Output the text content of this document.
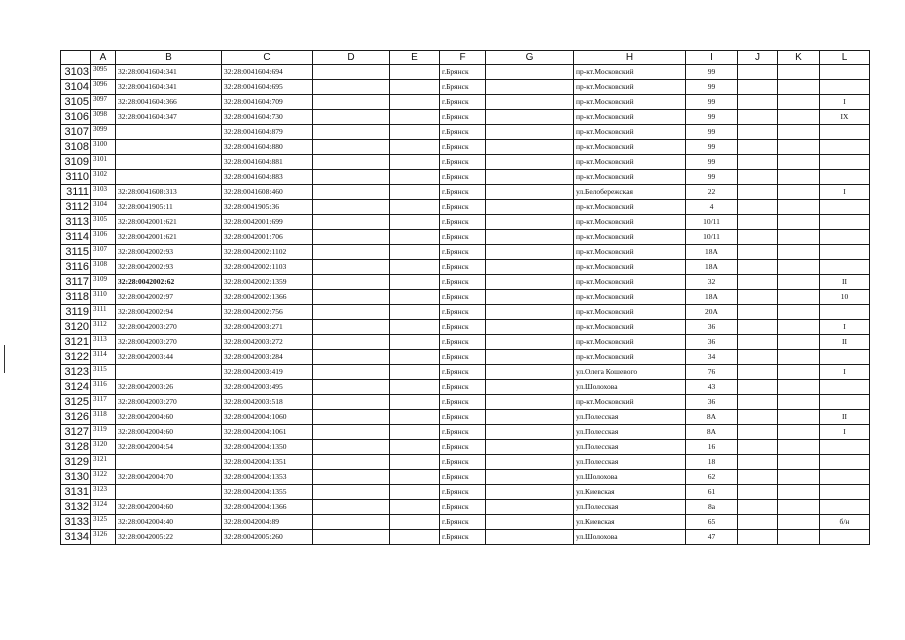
	A	B	C	D	E	F	G	H	I	J	K	L
3103	3095	32:28:0041604:341	32:28:0041604:694			г.Брянск		пр-кт.Московский	99			
3104	3096	32:28:0041604:341	32:28:0041604:695			г.Брянск		пр-кт.Московский	99			
3105	3097	32:28:0041604:366	32:28:0041604:709			г.Брянск		пр-кт.Московский	99			I
3106	3098	32:28:0041604:347	32:28:0041604:730			г.Брянск		пр-кт.Московский	99			IX
3107	3099		32:28:0041604:879			г.Брянск		пр-кт.Московский	99			
3108	3100		32:28:0041604:880			г.Брянск		пр-кт.Московский	99			
3109	3101		32:28:0041604:881			г.Брянск		пр-кт.Московский	99			
3110	3102		32:28:0041604:883			г.Брянск		пр-кт.Московский	99			
3111	3103	32:28:0041608:313	32:28:0041608:460			г.Брянск		ул.Белобережская	22			I
3112	3104	32:28:0041905:11	32:28:0041905:36			г.Брянск		пр-кт.Московский	4			
3113	3105	32:28:0042001:621	32:28:0042001:699			г.Брянск		пр-кт.Московский	10/11			
3114	3106	32:28:0042001:621	32:28:0042001:706			г.Брянск		пр-кт.Московский	10/11			
3115	3107	32:28:0042002:93	32:28:0042002:1102			г.Брянск		пр-кт.Московский	18А			
3116	3108	32:28:0042002:93	32:28:0042002:1103			г.Брянск		пр-кт.Московский	18А			
3117	3109	32:28:0042002:62	32:28:0042002:1359			г.Брянск		пр-кт.Московский	32			II
3118	3110	32:28:0042002:97	32:28:0042002:1366			г.Брянск		пр-кт.Московский	18А			10
3119	3111	32:28:0042002:94	32:28:0042002:756			г.Брянск		пр-кт.Московский	20А			
3120	3112	32:28:0042003:270	32:28:0042003:271			г.Брянск		пр-кт.Московский	36			I
3121	3113	32:28:0042003:270	32:28:0042003:272			г.Брянск		пр-кт.Московский	36			II
3122	3114	32:28:0042003:44	32:28:0042003:284			г.Брянск		пр-кт.Московский	34			
3123	3115		32:28:0042003:419			г.Брянск		ул.Олега Кошевого	76			I
3124	3116	32:28:0042003:26	32:28:0042003:495			г.Брянск		ул.Шолохова	43			
3125	3117	32:28:0042003:270	32:28:0042003:518			г.Брянск		пр-кт.Московский	36			
3126	3118	32:28:0042004:60	32:28:0042004:1060			г.Брянск		ул.Полесская	8А			II
3127	3119	32:28:0042004:60	32:28:0042004:1061			г.Брянск		ул.Полесская	8А			I
3128	3120	32:28:0042004:54	32:28:0042004:1350			г.Брянск		ул.Полесская	16			
3129	3121		32:28:0042004:1351			г.Брянск		ул.Полесская	18			
3130	3122	32:28:0042004:70	32:28:0042004:1353			г.Брянск		ул.Шолохова	62			
3131	3123		32:28:0042004:1355			г.Брянск		ул.Киевская	61			
3132	3124	32:28:0042004:60	32:28:0042004:1366			г.Брянск		ул.Полесская	8а			
3133	3125	32:28:0042004:40	32:28:0042004:89			г.Брянск		ул.Киевская	65			б/н
3134	3126	32:28:0042005:22	32:28:0042005:260			г.Брянск		ул.Шолохова	47			
